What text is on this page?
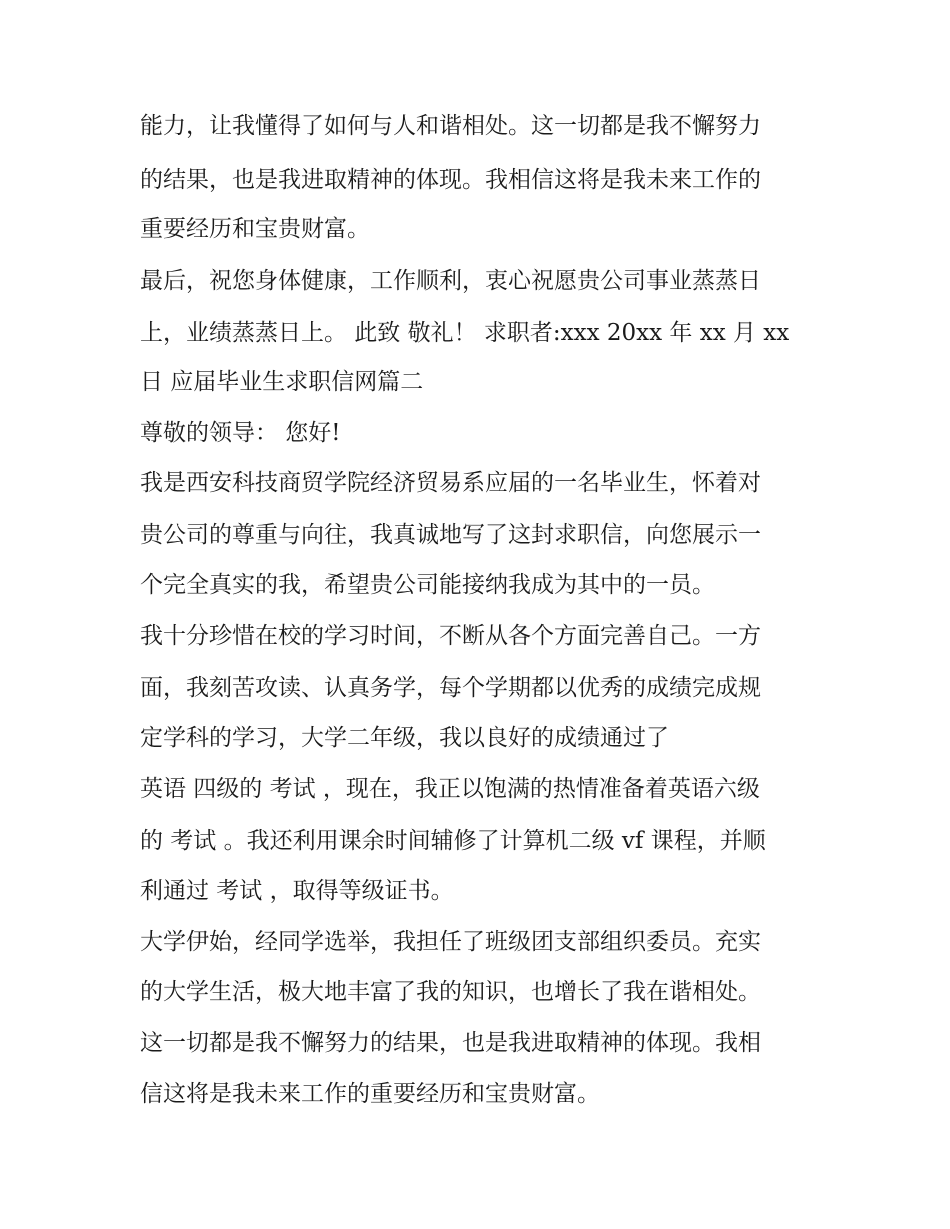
能力，让我懂得了如何与人和谐相处。这一切都是我不懈努力
的结果，也是我进取精神的体现。我相信这将是我未来工作的
重要经历和宝贵财富。
最后，祝您身体健康，工作顺利，衷心祝愿贵公司事业蒸蒸日
上，业绩蒸蒸日上。 此致 敬礼！ 求职者:xxx 20xx 年 xx 月 xx
日 应届毕业生求职信网篇二
尊敬的领导： 您好!
我是西安科技商贸学院经济贸易系应届的一名毕业生，怀着对
贵公司的尊重与向往，我真诚地写了这封求职信，向您展示一
个完全真实的我，希望贵公司能接纳我成为其中的一员。
我十分珍惜在校的学习时间，不断从各个方面完善自己。一方
面，我刻苦攻读、认真务学，每个学期都以优秀的成绩完成规
定学科的学习，大学二年级，我以良好的成绩通过了
英语 四级的 考试 ，现在，我正以饱满的热情准备着英语六级
的 考试 。我还利用课余时间辅修了计算机二级 vf 课程，并顺
利通过 考试 ，取得等级证书。
大学伊始，经同学选举，我担任了班级团支部组织委员。充实
的大学生活，极大地丰富了我的知识，也增长了我在谐相处。
这一切都是我不懈努力的结果，也是我进取精神的体现。我相
信这将是我未来工作的重要经历和宝贵财富。
